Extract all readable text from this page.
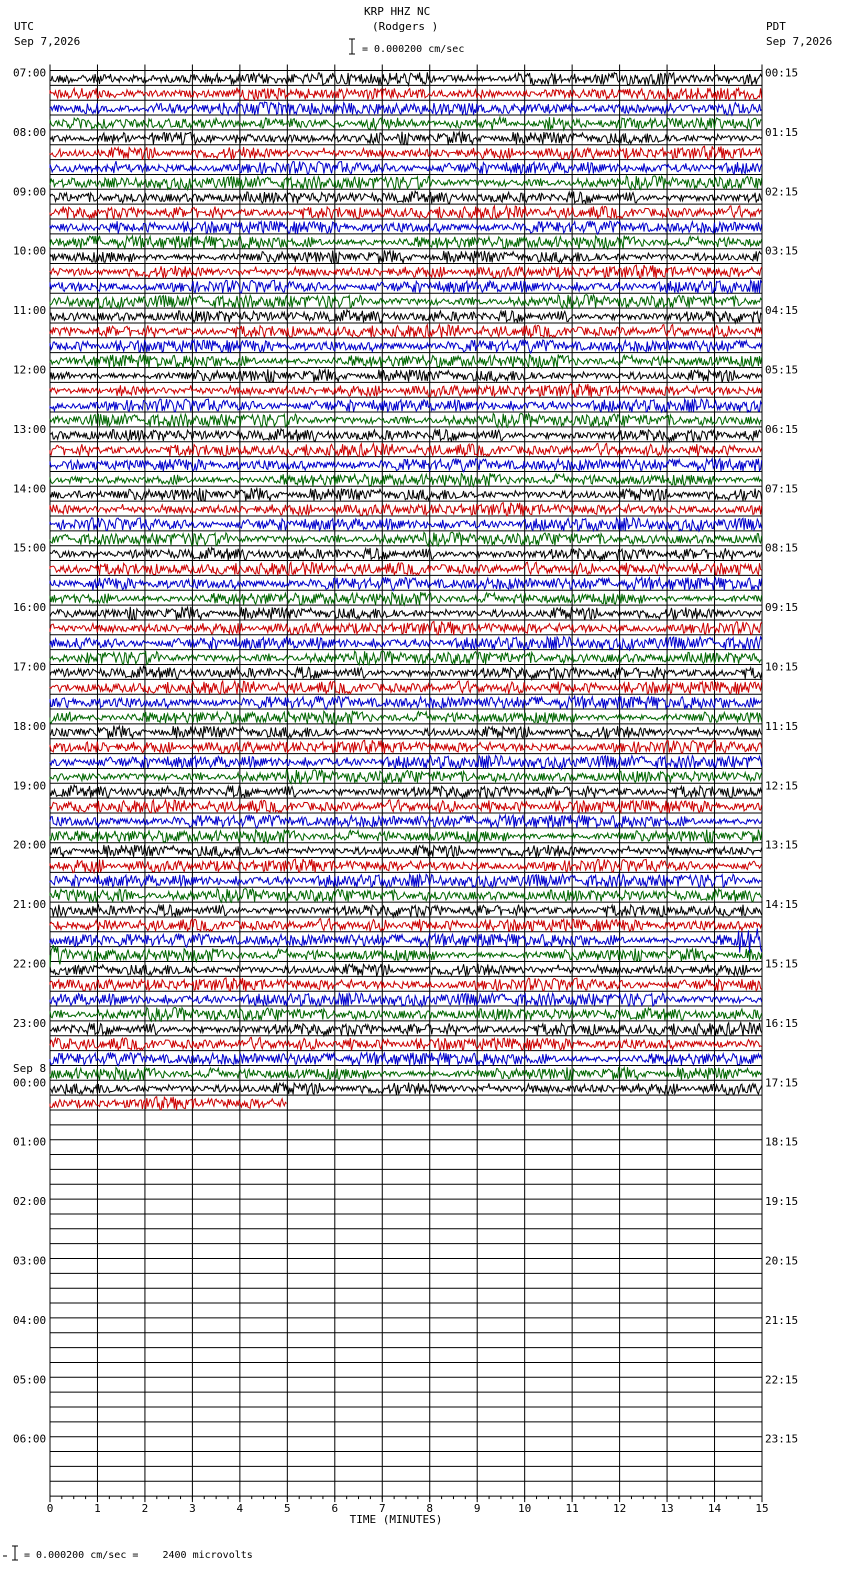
KRP HHZ NC
(Rodgers )
= 0.000200 cm/sec
UTC
Sep 7,2026
PDT
Sep 7,2026
Sep 8
= 0.000200 cm/sec =    2400 microvolts
0	1	2	3	4	5	6	7	8	9	10	11	12	13	14	15
TIME (MINUTES)
07:00	00:15
08:00	01:15
09:00	02:15
10:00	03:15
11:00	04:15
12:00	05:15
13:00	06:15
14:00	07:15
15:00	08:15
16:00	09:15
17:00	10:15
18:00	11:15
19:00	12:15
20:00	13:15
21:00	14:15
22:00	15:15
23:00	16:15
00:00	17:15
01:00	18:15
02:00	19:15
03:00	20:15
04:00	21:15
05:00	22:15
06:00	23:15
